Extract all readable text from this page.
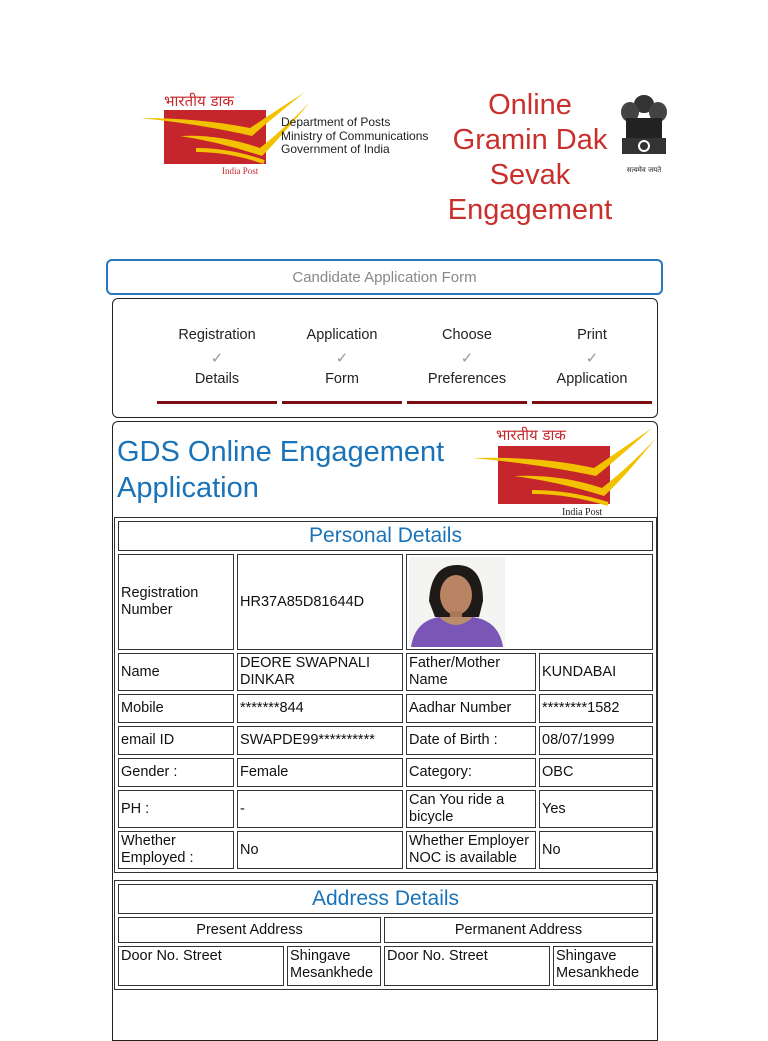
भारतीय डाक
India Post
Department of Posts
Ministry of Communications
Government of India
Online
Gramin Dak
Sevak
Engagement
सत्यमेव जयते
Candidate Application Form
Registration
✓
Details
Application
✓
Form
Choose
✓
Preferences
Print
✓
Application
GDS Online Engagement
Application
भारतीय डाक
India Post
Personal Details			
Registration Number	HR37A85D81644D	

Name	DEORE SWAPNALI DINKAR	Father/Mother Name	KUNDABAI
Mobile	*******844	Aadhar Number	********1582
email ID	SWAPDE99**********	Date of Birth :	08/07/1999
Gender :	Female	Category:	OBC
PH :	-	Can You ride a bicycle	Yes
Whether Employed :	No	Whether Employer NOC is available	No
Address Details			
Present Address		Permanent Address	
Door No. Street	Shingave Mesankhede	Door No. Street	Shingave Mesankhede
